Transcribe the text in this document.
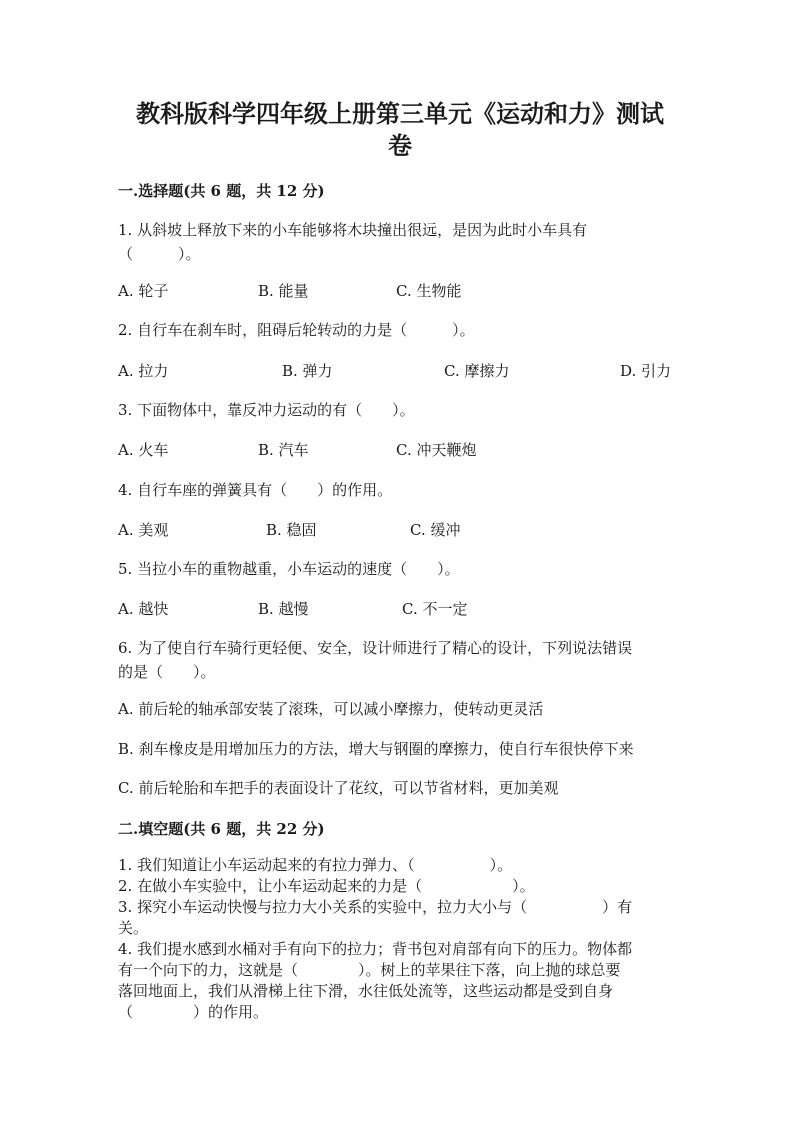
教科版科学四年级上册第三单元《运动和力》测试
卷
一.选择题(共 6 题，共 12 分)
1. 从斜坡上释放下来的小车能够将木块撞出很远，是因为此时小车具有
（　　　）。
A. 轮子	B. 能量	C. 生物能
2. 自行车在刹车时，阻碍后轮转动的力是（　　　）。
A. 拉力	B. 弹力	C. 摩擦力	D. 引力
3. 下面物体中，靠反冲力运动的有（　　）。
A. 火车	B. 汽车	C. 冲天鞭炮
4. 自行车座的弹簧具有（　　）的作用。
A. 美观	B. 稳固	C. 缓冲
5. 当拉小车的重物越重，小车运动的速度（　　）。
A. 越快	B. 越慢	C. 不一定
6. 为了使自行车骑行更轻便、安全，设计师进行了精心的设计，下列说法错误
的是（　　）。
A. 前后轮的轴承部安装了滚珠，可以减小摩擦力，使转动更灵活
B. 刹车橡皮是用增加压力的方法，增大与钢圈的摩擦力，使自行车很快停下来
C. 前后轮胎和车把手的表面设计了花纹，可以节省材料，更加美观
二.填空题(共 6 题，共 22 分)
1. 我们知道让小车运动起来的有拉力弹力、（　　　　　）。
2. 在做小车实验中，让小车运动起来的力是（　　　　　　）。
3. 探究小车运动快慢与拉力大小关系的实验中，拉力大小与（　　　　　）有
关。
4. 我们提水感到水桶对手有向下的拉力；背书包对肩部有向下的压力。物体都
有一个向下的力，这就是（　　　　）。树上的苹果往下落，向上抛的球总要
落回地面上，我们从滑梯上往下滑，水往低处流等，这些运动都是受到自身
（　　　　）的作用。
